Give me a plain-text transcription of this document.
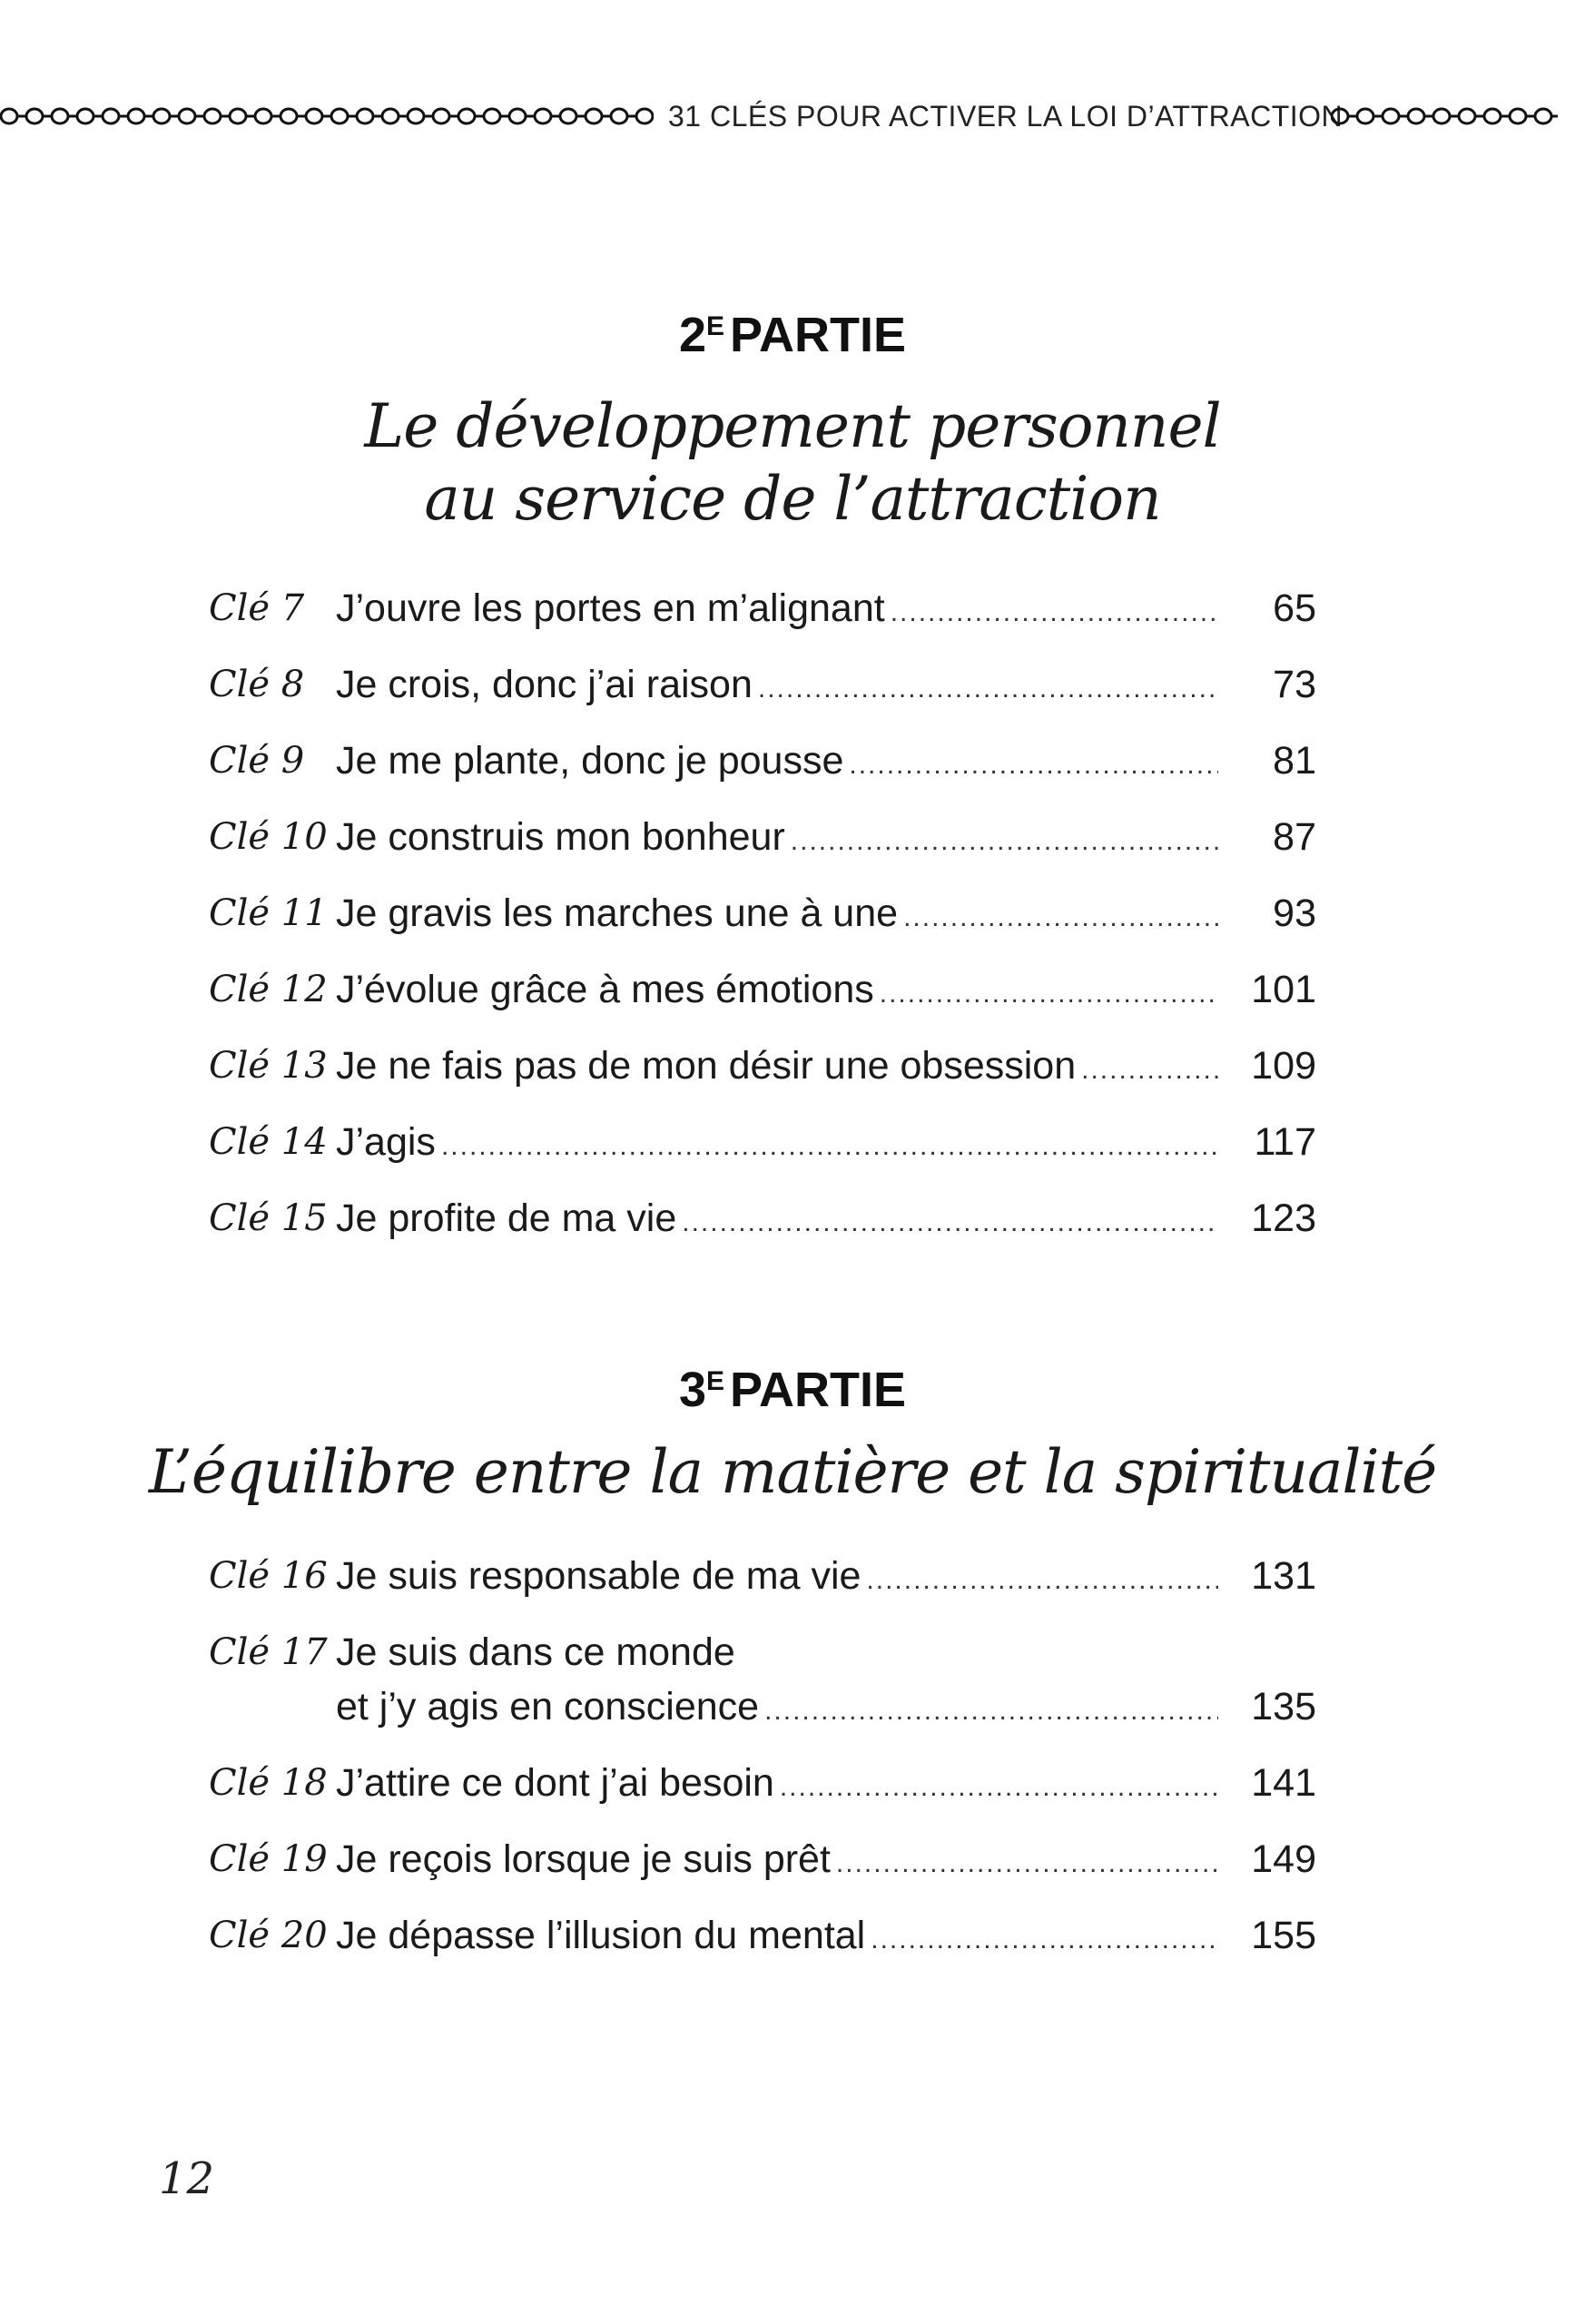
31 CLÉS POUR ACTIVER LA LOI D’ATTRACTION
$2^E$ PARTIE
Le développement personnel
au service de l’attraction
Clé 7 J’ouvre les portes en m’alignant .....	65
Clé 8 Je crois, donc j’ai raison .....	73
Clé 9 Je me plante, donc je pousse .....	81
Clé 10 Je construis mon bonheur .....	87
Clé 11 Je gravis les marches une à une .....	93
Clé 12 J’évolue grâce à mes émotions .....	101
Clé 13 Je ne fais pas de mon désir une obsession .....	109
Clé 14 J’agis .....	117
Clé 15 Je profite de ma vie .....	123
$3^E$ PARTIE
L’équilibre entre la matière et la spiritualité
Clé 16 Je suis responsable de ma vie .....	131
Clé 17 Je suis dans ce monde
et j’y agis en conscience .....	135
Clé 18 J’attire ce dont j’ai besoin .....	141
Clé 19 Je reçois lorsque je suis prêt .....	149
Clé 20 Je dépasse l’illusion du mental .....	155
12
